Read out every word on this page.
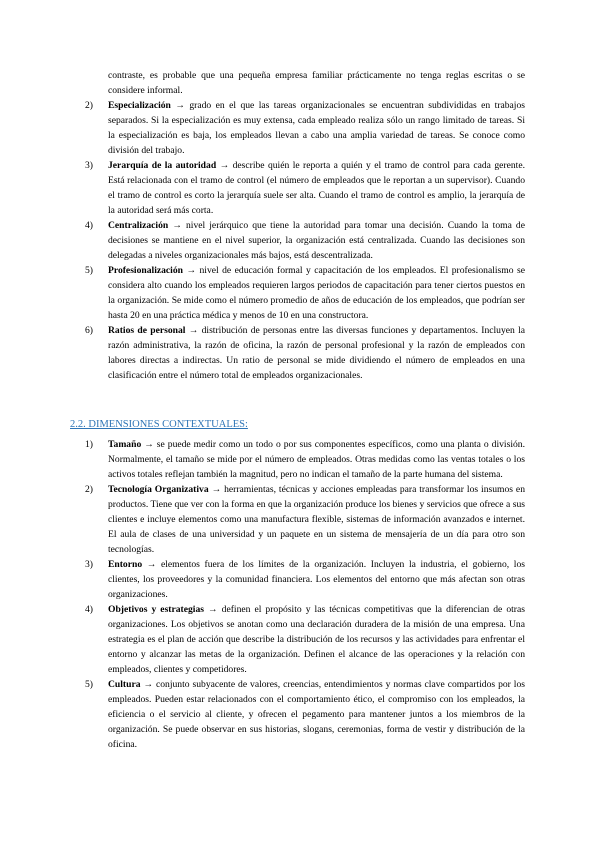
contraste, es probable que una pequeña empresa familiar prácticamente no tenga reglas escritas o se considere informal.
2) Especialización → grado en el que las tareas organizacionales se encuentran subdivididas en trabajos separados. Si la especialización es muy extensa, cada empleado realiza sólo un rango limitado de tareas. Si la especialización es baja, los empleados llevan a cabo una amplia variedad de tareas. Se conoce como división del trabajo.
3) Jerarquía de la autoridad → describe quién le reporta a quién y el tramo de control para cada gerente. Está relacionada con el tramo de control (el número de empleados que le reportan a un supervisor). Cuando el tramo de control es corto la jerarquía suele ser alta. Cuando el tramo de control es amplio, la jerarquía de la autoridad será más corta.
4) Centralización → nivel jerárquico que tiene la autoridad para tomar una decisión. Cuando la toma de decisiones se mantiene en el nivel superior, la organización está centralizada. Cuando las decisiones son delegadas a niveles organizacionales más bajos, está descentralizada.
5) Profesionalización → nivel de educación formal y capacitación de los empleados. El profesionalismo se considera alto cuando los empleados requieren largos periodos de capacitación para tener ciertos puestos en la organización. Se mide como el número promedio de años de educación de los empleados, que podrían ser hasta 20 en una práctica médica y menos de 10 en una constructora.
6) Ratios de personal → distribución de personas entre las diversas funciones y departamentos. Incluyen la razón administrativa, la razón de oficina, la razón de personal profesional y la razón de empleados con labores directas a indirectas. Un ratio de personal se mide dividiendo el número de empleados en una clasificación entre el número total de empleados organizacionales.
2.2. DIMENSIONES CONTEXTUALES:
1) Tamaño → se puede medir como un todo o por sus componentes específicos, como una planta o división. Normalmente, el tamaño se mide por el número de empleados. Otras medidas como las ventas totales o los activos totales reflejan también la magnitud, pero no indican el tamaño de la parte humana del sistema.
2) Tecnología Organizativa → herramientas, técnicas y acciones empleadas para transformar los insumos en productos. Tiene que ver con la forma en que la organización produce los bienes y servicios que ofrece a sus clientes e incluye elementos como una manufactura flexible, sistemas de información avanzados e internet. El aula de clases de una universidad y un paquete en un sistema de mensajería de un día para otro son tecnologías.
3) Entorno → elementos fuera de los límites de la organización. Incluyen la industria, el gobierno, los clientes, los proveedores y la comunidad financiera. Los elementos del entorno que más afectan son otras organizaciones.
4) Objetivos y estrategias → definen el propósito y las técnicas competitivas que la diferencian de otras organizaciones. Los objetivos se anotan como una declaración duradera de la misión de una empresa. Una estrategia es el plan de acción que describe la distribución de los recursos y las actividades para enfrentar el entorno y alcanzar las metas de la organización. Definen el alcance de las operaciones y la relación con empleados, clientes y competidores.
5) Cultura → conjunto subyacente de valores, creencias, entendimientos y normas clave compartidos por los empleados. Pueden estar relacionados con el comportamiento ético, el compromiso con los empleados, la eficiencia o el servicio al cliente, y ofrecen el pegamento para mantener juntos a los miembros de la organización. Se puede observar en sus historias, slogans, ceremonias, forma de vestir y distribución de la oficina.
